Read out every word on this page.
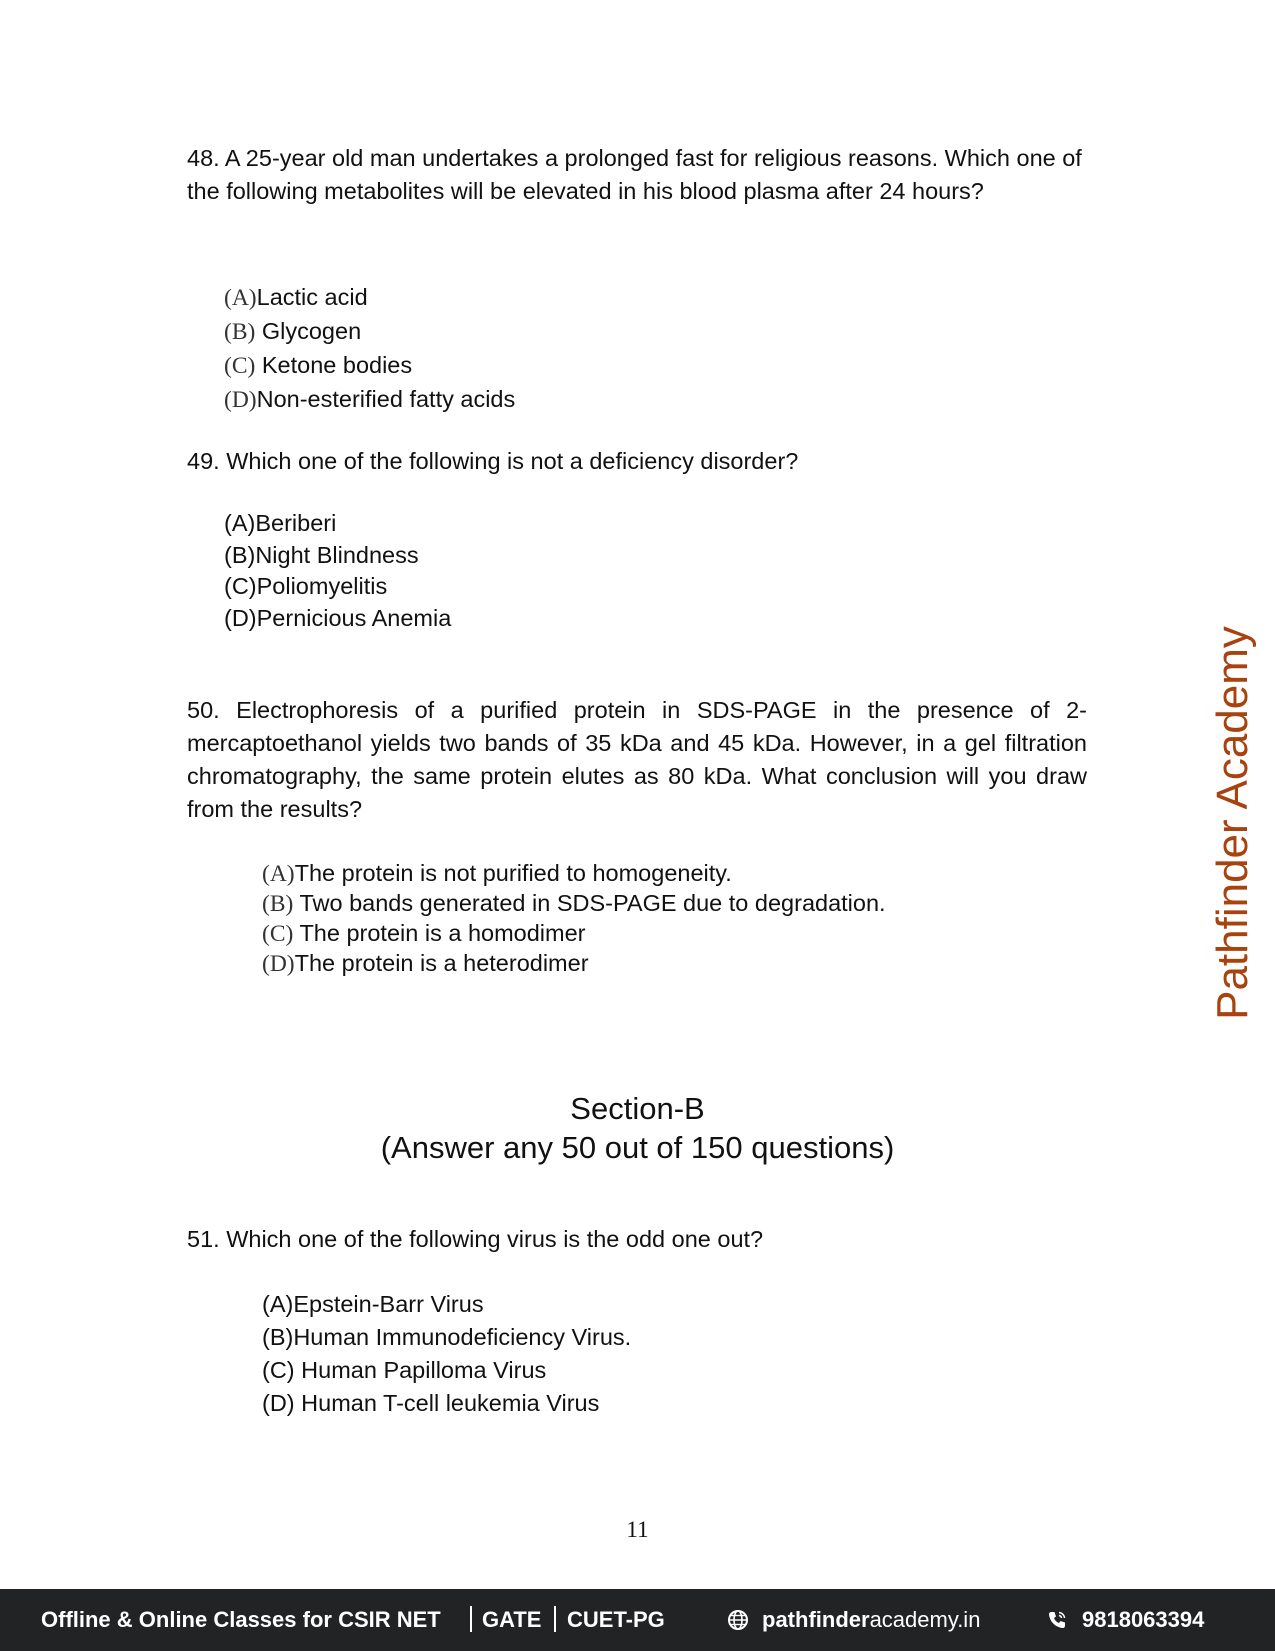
48. A 25-year old man undertakes a prolonged fast for religious reasons. Which one of the following metabolites will be elevated in his blood plasma after 24 hours?

(A)Lactic acid
(B) Glycogen
(C) Ketone bodies
(D)Non-esterified fatty acids

49. Which one of the following is not a deficiency disorder?

(A)Beriberi
(B)Night Blindness
(C)Poliomyelitis
(D)Pernicious Anemia

50. Electrophoresis of a purified protein in SDS-PAGE in the presence of 2-mercaptoethanol yields two bands of 35 kDa and 45 kDa. However, in a gel filtration chromatography, the same protein elutes as 80 kDa. What conclusion will you draw from the results?

(A)The protein is not purified to homogeneity.
(B) Two bands generated in SDS-PAGE due to degradation.
(C) The protein is a homodimer
(D)The protein is a heterodimer

Section-B

(Answer any 50 out of 150 questions)

51. Which one of the following virus is the odd one out?

(A)Epstein-Barr Virus
(B)Human Immunodeficiency Virus.
(C) Human Papilloma Virus
(D) Human T-cell leukemia Virus
11
Pathfinder Academy
Offline & Online Classes for CSIR NET GATE CUET-PG	pathfinderacademy.in	9818063394
